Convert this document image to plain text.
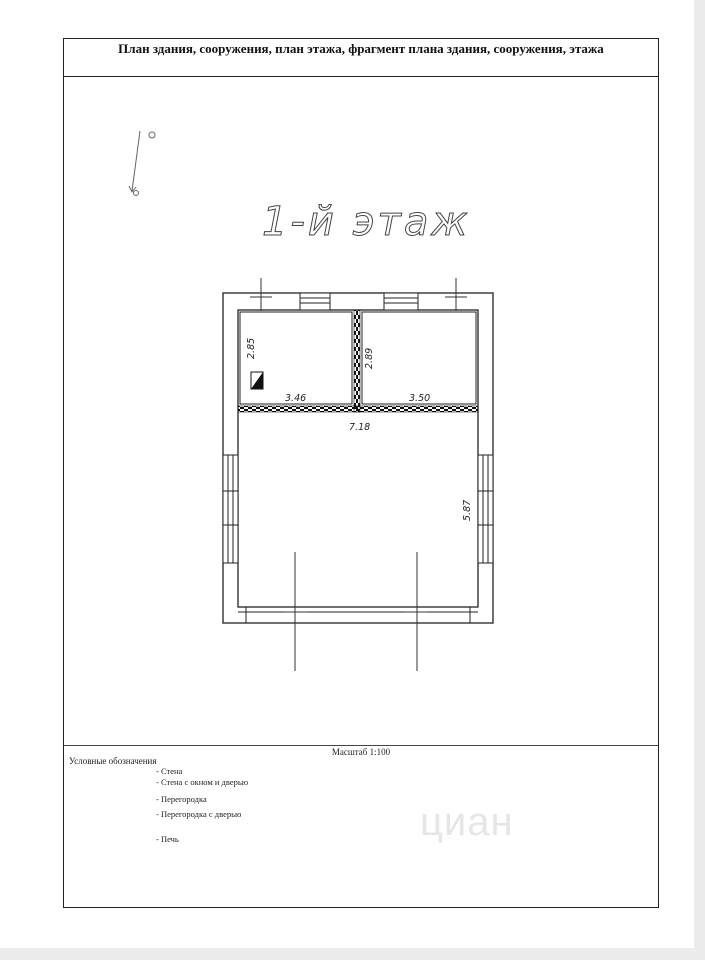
План здания, сооружения, план этажа, фрагмент плана здания, сооружения, этажа
1-й этаж
2.85	2.89
3.46	3.50
7.18
5.87
Масштаб 1:100
Условные обозначения
- Стена
- Стена с окном и дверью
- Перегородка
- Перегородка с дверью
- Печь	циан
